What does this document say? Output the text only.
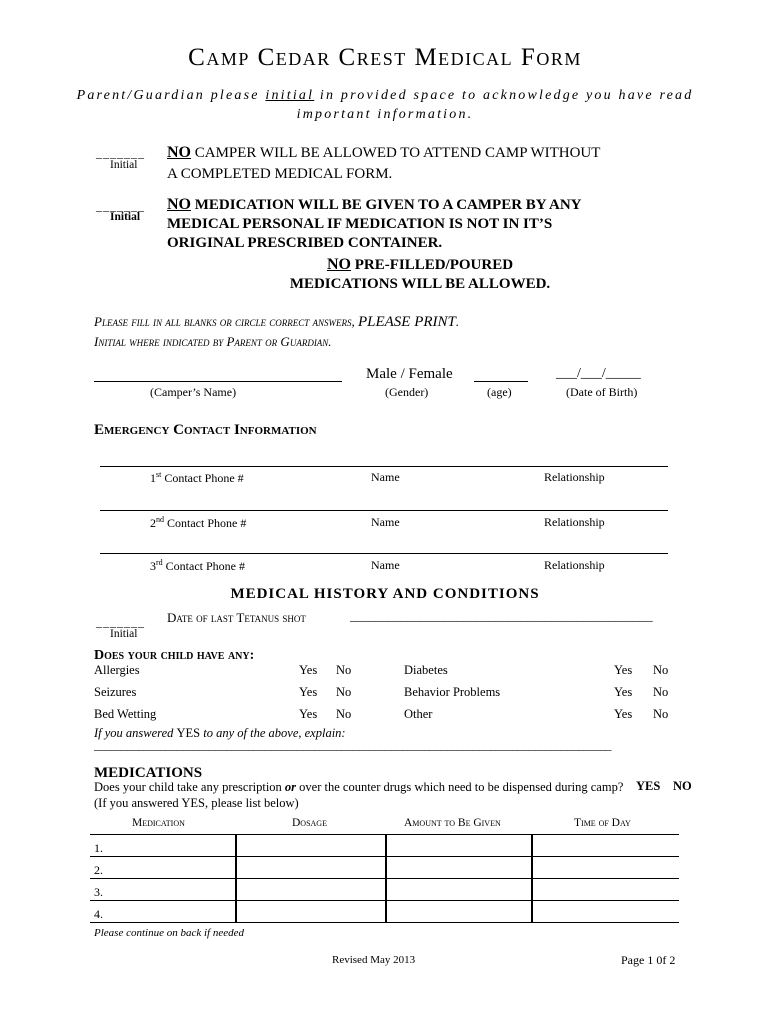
Camp Cedar Crest Medical Form
Parent/Guardian please initial in provided space to acknowledge you have read important information.
_______
Initial
NO CAMPER WILL BE ALLOWED TO ATTEND CAMP WITHOUT
A COMPLETED MEDICAL FORM.
_______
Initial
NO MEDICATION WILL BE GIVEN TO A CAMPER BY ANY
MEDICAL PERSONAL IF MEDICATION IS NOT IN IT’S
ORIGINAL PRESCRIBED CONTAINER.
NO PRE-FILLED/POURED
MEDICATIONS WILL BE ALLOWED.
Please fill in all blanks or circle correct answers, PLEASE PRINT.
Initial where indicated by Parent or Guardian.
Male / Female	___/___/_____
(Camper’s Name)	(Gender)	(age)	(Date of Birth)
Emergency Contact Information
1st Contact Phone #	Name	Relationship
2nd Contact Phone #	Name	Relationship
3rd Contact Phone #	Name	Relationship
MEDICAL HISTORY AND CONDITIONS
_______ Date of last Tetanus shot	________________________________________________
Initial
Does your child have any:
Allergies	Yes No
Seizures	Yes No
Bed Wetting	Yes No
Diabetes	Yes No
Behavior Problems	Yes No
Other	Yes No
If you answered YES to any of the above, explain:
______________________________________________________________________________________________
MEDICATIONS
Does your child take any prescription or over the counter drugs which need to be dispensed during camp? YES NO
(If you answered YES, please list below)
Medication	Dosage	Amount to Be Given	Time of Day
1.			
2.			
3.			
4.			
Please continue on back if needed
Revised May 2013	Page 1 0f 2
